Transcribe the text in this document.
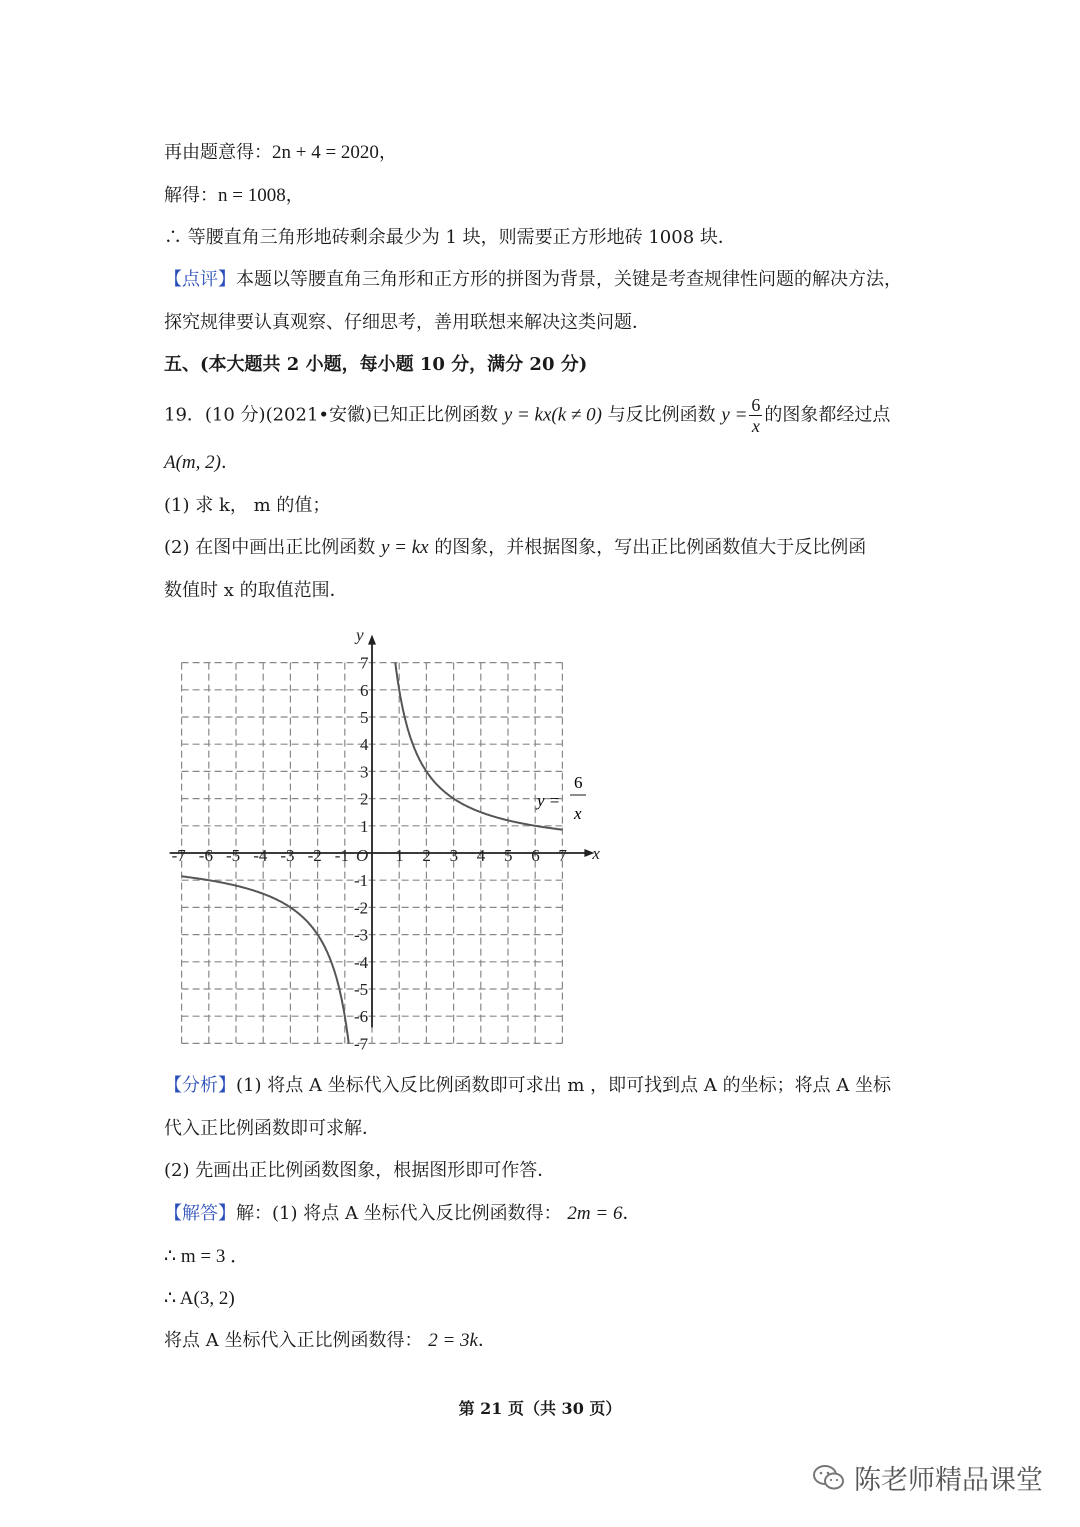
再由题意得：2n + 4 = 2020，
解得：n = 1008，
∴ 等腰直角三角形地砖剩余最少为 1 块，则需要正方形地砖 1008 块．
【点评】本题以等腰直角三角形和正方形的拼图为背景，关键是考查规律性问题的解决方法，
探究规律要认真观察、仔细思考，善用联想来解决这类问题．
五、(本大题共 2 小题，每小题 10 分，满分 20 分)
19．(10 分)(2021•安徽)已知正比例函数 y = kx(k ≠ 0) 与反比例函数 $y = \frac{6}{x}$ 的图象都经过点
A(m, 2)．
(1) 求 k， m 的值；
(2) 在图中画出正比例函数 y = kx 的图象，并根据图象，写出正比例函数值大于反比例函
数值时 x 的取值范围．
x
y
O
-7 -6 -5 -4 -3 -2 -1	1 2 3 4 5 6 7
7
6
5
4
3
2
1
-1
-2
-3
-4
-5
-6
-7
y =
6
x
【分析】(1) 将点 A 坐标代入反比例函数即可求出 m ，即可找到点 A 的坐标；将点 A 坐标
代入正比例函数即可求解．
(2) 先画出正比例函数图象，根据图形即可作答．
【解答】解：(1) 将点 A 坐标代入反比例函数得： 2m = 6．
∴ m = 3 ．
∴ A(3, 2)
将点 A 坐标代入正比例函数得： 2 = 3k．
第 21 页（共 30 页）
陈老师精品课堂
